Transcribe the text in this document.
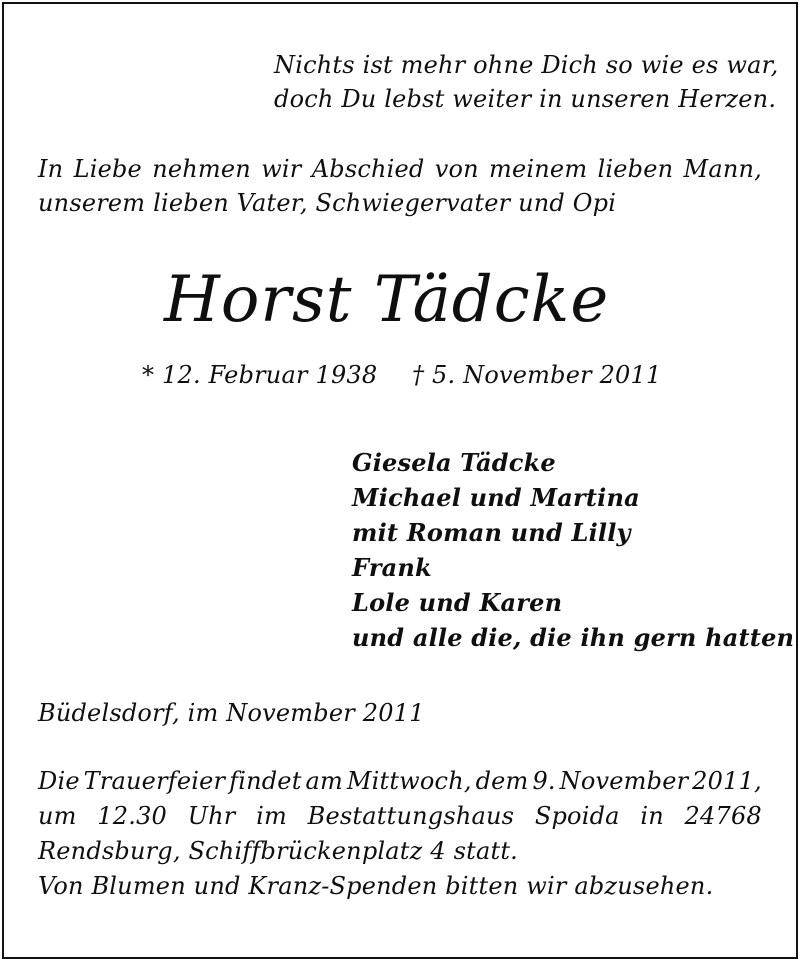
Nichts ist mehr ohne Dich so wie es war,
doch Du lebst weiter in unseren Herzen.
In Liebe nehmen wir Abschied von meinem lieben Mann,
unserem lieben Vater, Schwiegervater und Opi
Horst Tädcke
* 12. Februar 1938 † 5. November 2011
Giesela Tädcke
Michael und Martina
mit Roman und Lilly
Frank
Lole und Karen
und alle die, die ihn gern hatten
Büdelsdorf, im November 2011
Die Trauerfeier findet am Mittwoch, dem 9. November 2011,
um 12.30 Uhr im Bestattungshaus Spoida in 24768
Rendsburg, Schiffbrückenplatz 4 statt.
Von Blumen und Kranz-Spenden bitten wir abzusehen.
